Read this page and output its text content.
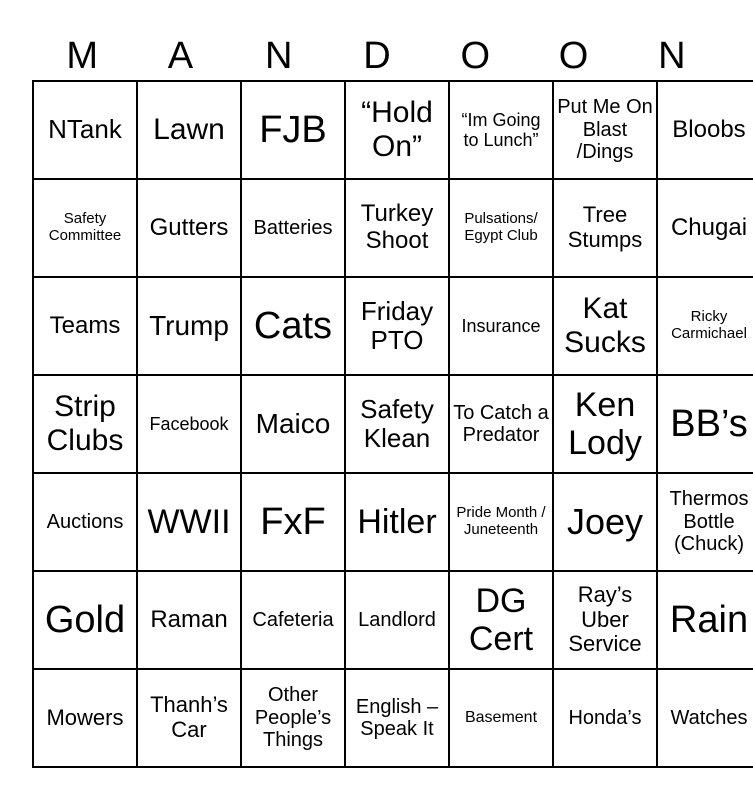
M	A	N	D	O	O	N
NTank	Lawn	FJB	“Hold On”	“Im Going to Lunch”	Put Me On Blast /Dings	Bloobs
Safety Committee	Gutters	Batteries	Turkey Shoot	Pulsations/ Egypt Club	Tree Stumps	Chugai
Teams	Trump	Cats	Friday PTO	Insurance	Kat Sucks	Ricky Carmichael
Strip Clubs	Facebook	Maico	Safety Klean	To Catch a Predator	Ken Lody	BB’s
Auctions	WWII	FxF	Hitler	Pride Month / Juneteenth	Joey	Thermos Bottle (Chuck)
Gold	Raman	Cafeteria	Landlord	DG Cert	Ray’s Uber Service	Rain
Mowers	Thanh’s Car	Other People’s Things	English – Speak It	Basement	Honda’s	Watches
